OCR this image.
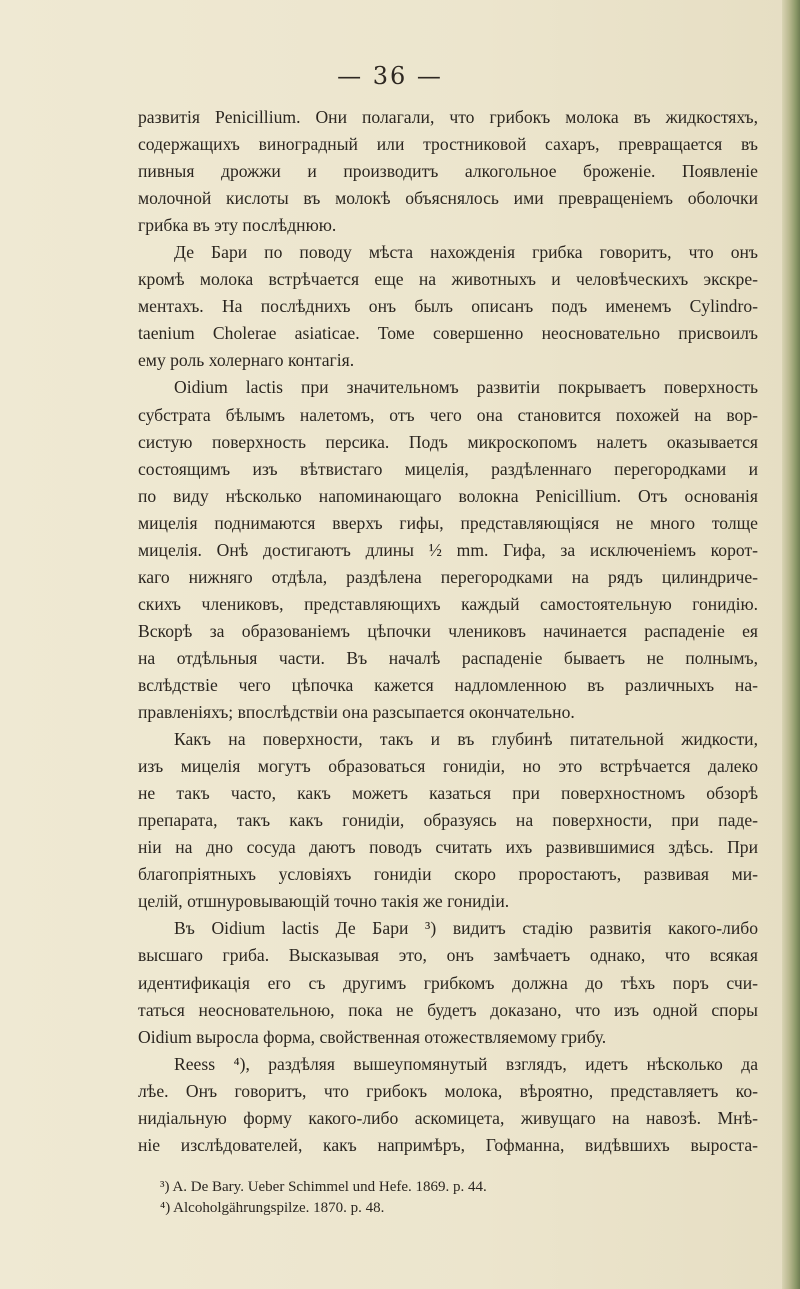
— 36 —
развитія Penicillium. Они полагали, что грибокъ молока въ жидкостяхъ,
содержащихъ виноградный или тростниковой сахаръ, превращается въ
пивныя дрожжи и производитъ алкогольное броженіе. Появленіе
молочной кислоты въ молокѣ объяснялось ими превращеніемъ оболочки
грибка въ эту послѣднюю.
Де Бари по поводу мѣста нахожденія грибка говоритъ, что онъ
кромѣ молока встрѣчается еще на животныхъ и человѣческихъ экскре-
ментахъ. На послѣднихъ онъ былъ описанъ подъ именемъ Cylindro-
taenium Cholerae asiaticae. Томе совершенно неосновательно присвоилъ
ему роль холернаго контагія.
Oidium lactis при значительномъ развитіи покрываетъ поверхность
субстрата бѣлымъ налетомъ, отъ чего она становится похожей на вор-
систую поверхность персика. Подъ микроскопомъ налетъ оказывается
состоящимъ изъ вѣтвистаго мицелія, раздѣленнаго перегородками и
по виду нѣсколько напоминающаго волокна Penicillium. Отъ основанія
мицелія поднимаются вверхъ гифы, представляющіяся не много толще
мицелія. Онѣ достигаютъ длины ½ mm. Гифа, за исключеніемъ корот-
каго нижняго отдѣла, раздѣлена перегородками на рядъ цилиндриче-
скихъ члениковъ, представляющихъ каждый самостоятельную гонидію.
Вскорѣ за образованіемъ цѣпочки члениковъ начинается распаденіе ея
на отдѣльныя части. Въ началѣ распаденіе бываетъ не полнымъ,
вслѣдствіе чего цѣпочка кажется надломленною въ различныхъ на-
правленіяхъ; впослѣдствіи она разсыпается окончательно.
Какъ на поверхности, такъ и въ глубинѣ питательной жидкости,
изъ мицелія могутъ образоваться гонидіи, но это встрѣчается далеко
не такъ часто, какъ можетъ казаться при поверхностномъ обзорѣ
препарата, такъ какъ гонидіи, образуясь на поверхности, при паде-
ніи на дно сосуда даютъ поводъ считать ихъ развившимися здѣсь. При
благопріятныхъ условіяхъ гонидіи скоро проростаютъ, развивая ми-
целій, отшнуровывающій точно такія же гонидіи.
Въ Oidium lactis Де Бари ³) видитъ стадію развитія какого-либо
высшаго гриба. Высказывая это, онъ замѣчаетъ однако, что всякая
идентификація его съ другимъ грибкомъ должна до тѣхъ поръ счи-
таться неосновательною, пока не будетъ доказано, что изъ одной споры
Oidium выросла форма, свойственная отожествляемому грибу.
Reess ⁴), раздѣляя вышеупомянутый взглядъ, идетъ нѣсколько да
лѣе. Онъ говоритъ, что грибокъ молока, вѣроятно, представляетъ ко-
нидіальную форму какого-либо аскомицета, живущаго на навозѣ. Мнѣ-
ніе изслѣдователей, какъ напримѣръ, Гофманна, видѣвшихъ выроста-
³) A. De Bary. Ueber Schimmel und Hefe. 1869. p. 44.
⁴) Alcoholgährungspilze. 1870. p. 48.
